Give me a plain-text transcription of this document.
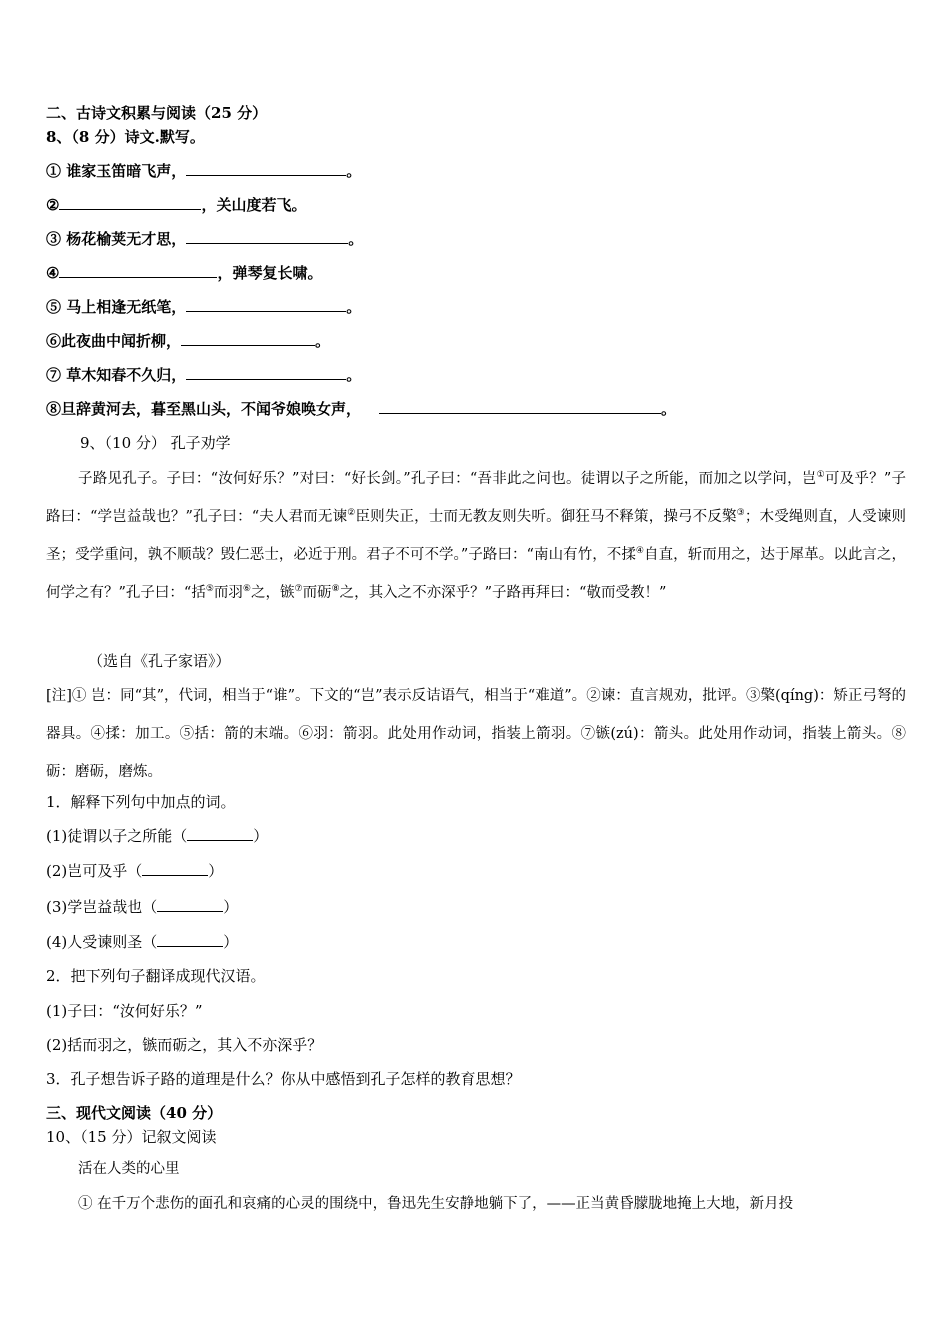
二、古诗文积累与阅读（25 分）
8、（8 分）诗文.默写。
① 谁家玉笛暗飞声，	。
②	，关山度若飞。
③ 杨花榆荚无才思，	。
④	，弹琴复长啸。
⑤ 马上相逢无纸笔，	。
⑥此夜曲中闻折柳，	。
⑦ 草木知春不久归，	。
⑧旦辞黄河去，暮至黑山头，不闻爷娘唤女声，	。
9、（10 分） 孔子劝学
子路见孔子。子曰：“汝何好乐？”对曰：“好长剑。”孔子曰：“吾非此之问也。徒谓以子之所能，而加之以学问，岂①可及乎？”子路曰：“学岂益哉也？”孔子曰：“夫人君而无谏②臣则失正，士而无教友则失听。御狂马不释策，操弓不反檠③；木受绳则直，人受谏则圣；受学重问，孰不顺哉？毁仁恶士，必近于刑。君子不可不学。”子路曰：“南山有竹，不揉④自直，斩而用之，达于犀革。以此言之，何学之有？”孔子曰：“括⑤而羽⑥之，镞⑦而砺⑧之，其入之不亦深乎？”子路再拜曰：“敬而受教！”
（选自《孔子家语》）
[注]① 岂：同“其”，代词，相当于“谁”。下文的“岂”表示反诘语气，相当于“难道”。②谏：直言规劝，批评。③檠(qíng)：矫正弓弩的器具。④揉：加工。⑤括：箭的末端。⑥羽：箭羽。此处用作动词，指装上箭羽。⑦镞(zú)：箭头。此处用作动词，指装上箭头。⑧砺：磨砺，磨炼。
1．解释下列句中加点的词。
(1)徒谓以子之所能（	）
(2)岂可及乎（	）
(3)学岂益哉也（	）
(4)人受谏则圣（	）
2．把下列句子翻译成现代汉语。
(1)子曰：“汝何好乐？”
(2)括而羽之，镞而砺之，其入不亦深乎？
3．孔子想告诉子路的道理是什么？你从中感悟到孔子怎样的教育思想？
三、现代文阅读（40 分）
10、（15 分）记叙文阅读
活在人类的心里
① 在千万个悲伤的面孔和哀痛的心灵的围绕中，鲁迅先生安静地躺下了，——正当黄昏朦胧地掩上大地，新月投
